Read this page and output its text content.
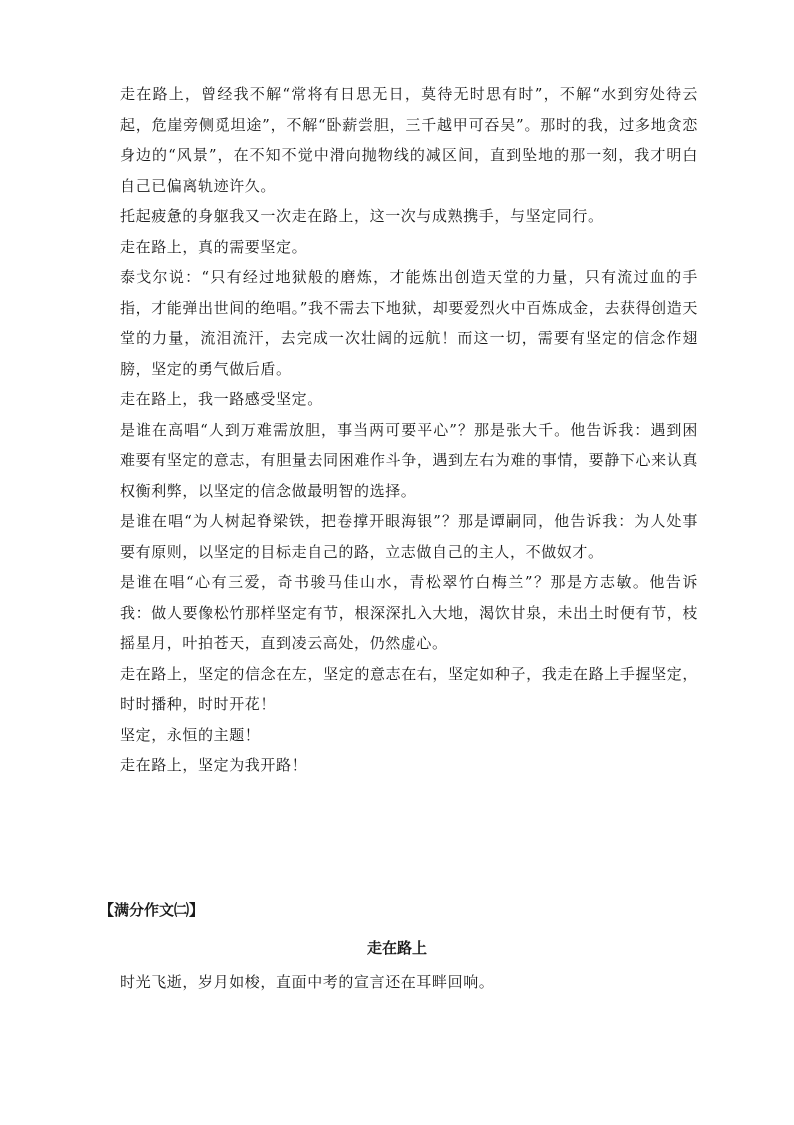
走在路上，曾经我不解“常将有日思无日，莫待无时思有时”，不解“水到穷处待云起，危崖旁侧觅坦途”，不解“卧薪尝胆，三千越甲可吞吴”。那时的我，过多地贪恋身边的“风景”，在不知不觉中滑向抛物线的减区间，直到坠地的那一刻，我才明白自己已偏离轨迹许久。

托起疲惫的身躯我又一次走在路上，这一次与成熟携手，与坚定同行。

走在路上，真的需要坚定。

泰戈尔说：“只有经过地狱般的磨炼，才能炼出创造天堂的力量，只有流过血的手指，才能弹出世间的绝唱。”我不需去下地狱，却要爱烈火中百炼成金，去获得创造天堂的力量，流泪流汗，去完成一次壮阔的远航！而这一切，需要有坚定的信念作翅膀，坚定的勇气做后盾。

走在路上，我一路感受坚定。

是谁在高唱“人到万难需放胆，事当两可要平心”？那是张大千。他告诉我：遇到困难要有坚定的意志，有胆量去同困难作斗争，遇到左右为难的事情，要静下心来认真权衡利弊，以坚定的信念做最明智的选择。

是谁在唱“为人树起脊梁铁，把卷撑开眼海银”？那是谭嗣同，他告诉我：为人处事要有原则，以坚定的目标走自己的路，立志做自己的主人，不做奴才。

是谁在唱“心有三爱，奇书骏马佳山水，青松翠竹白梅兰”？那是方志敏。他告诉我：做人要像松竹那样坚定有节，根深深扎入大地，渴饮甘泉，未出土时便有节，枝摇星月，叶拍苍天，直到凌云高处，仍然虚心。

走在路上，坚定的信念在左，坚定的意志在右，坚定如种子，我走在路上手握坚定，时时播种，时时开花！

坚定，永恒的主题！

走在路上，坚定为我开路！

【满分作文㈡】

走在路上

时光飞逝，岁月如梭，直面中考的宣言还在耳畔回响。
